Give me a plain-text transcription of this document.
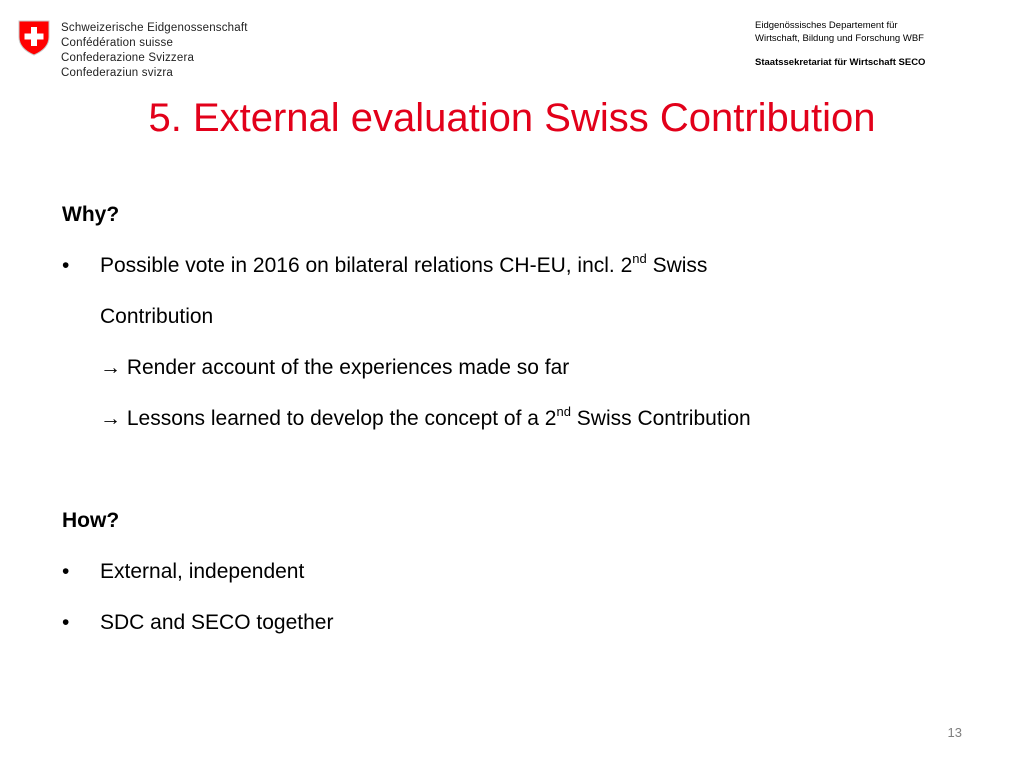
Schweizerische Eidgenossenschaft
Confédération suisse
Confederazione Svizzera
Confederaziun svizra
Eidgenössisches Departement für
Wirtschaft, Bildung und Forschung WBF
Staatssekretariat für Wirtschaft SECO
5. External evaluation Swiss Contribution
Why?
• Possible vote in 2016 on bilateral relations CH-EU, incl. 2nd Swiss
Contribution
→ Render account of the experiences made so far
→ Lessons learned to develop the concept of a 2nd Swiss Contribution
How?
• External, independent
• SDC and SECO together
13
